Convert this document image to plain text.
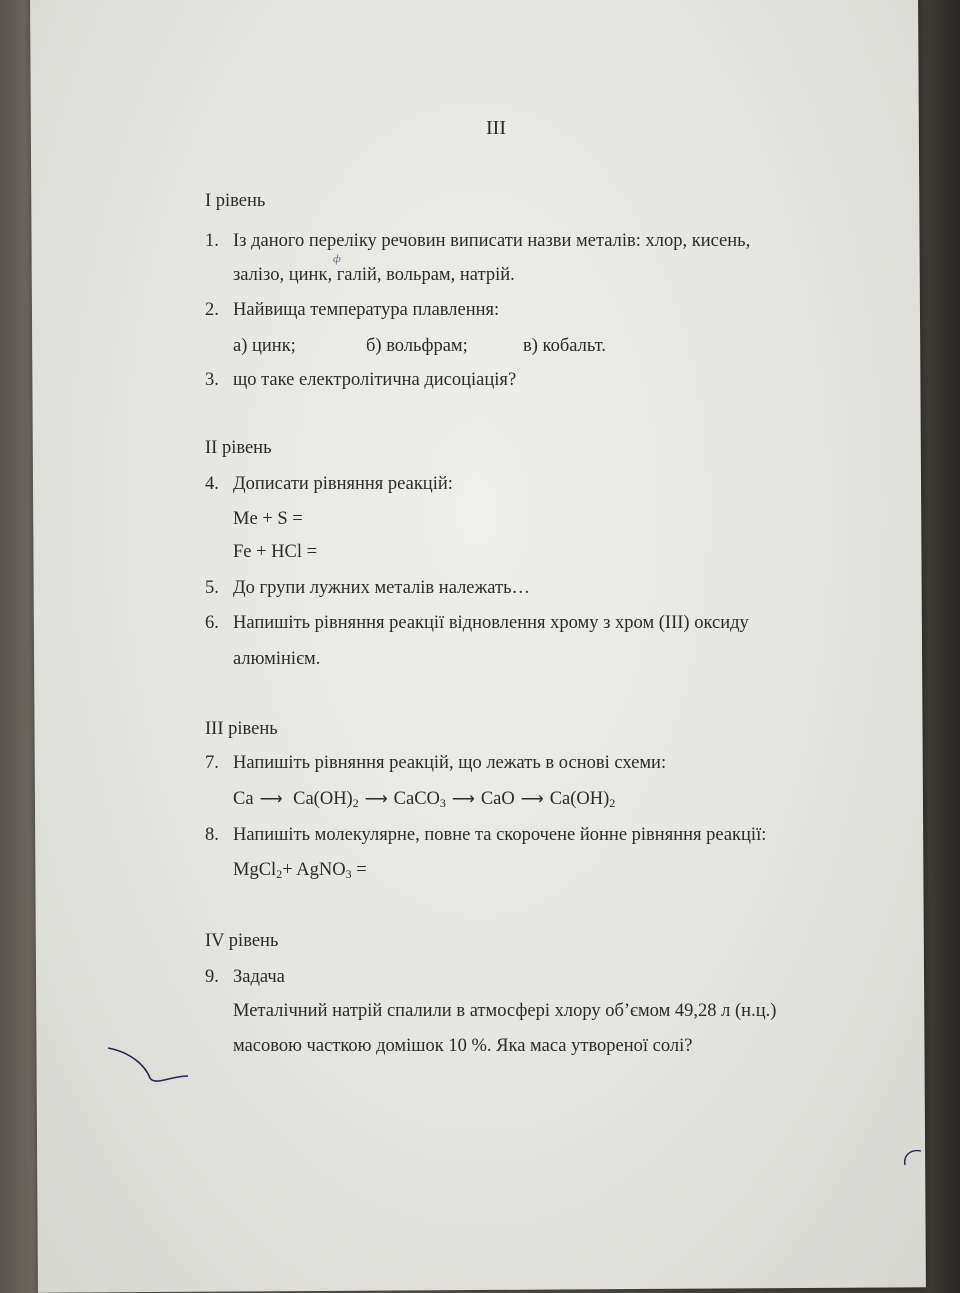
III
І рівень
1. Із даного переліку речовин виписати назви металів: хлор, кисень,
залізо, цинк, галій, вольрам, натрій.
ф
2. Найвища температура плавлення:
а) цинк;	б) вольфрам;	в) кобальт.
3. що таке електролітична дисоціація?
ІІ рівень
4. Дописати рівняння реакцій:
Me + S =
Fe + HCl =
5. До групи лужних металів належать…
6. Напишіть рівняння реакції відновлення хрому з хром (ІІІ) оксиду
алюмінієм.
ІІІ рівень
7. Напишіть рівняння реакцій, що лежать в основі схеми:
Ca ⟶ $Ca(OH)_2$ ⟶ CaCO$_3$ ⟶ CaO ⟶ $Ca(OH)_2$
8. Напишіть молекулярне, повне та скорочене йонне рівняння реакції:
MgCl$_2$+ AgNO$_3$ =
ІV рівень
9. Задача
Металічний натрій спалили в атмосфері хлору об’ємом 49,28 л (н.ц.)
масовою часткою домішок 10 %. Яка маса утвореної солі?
